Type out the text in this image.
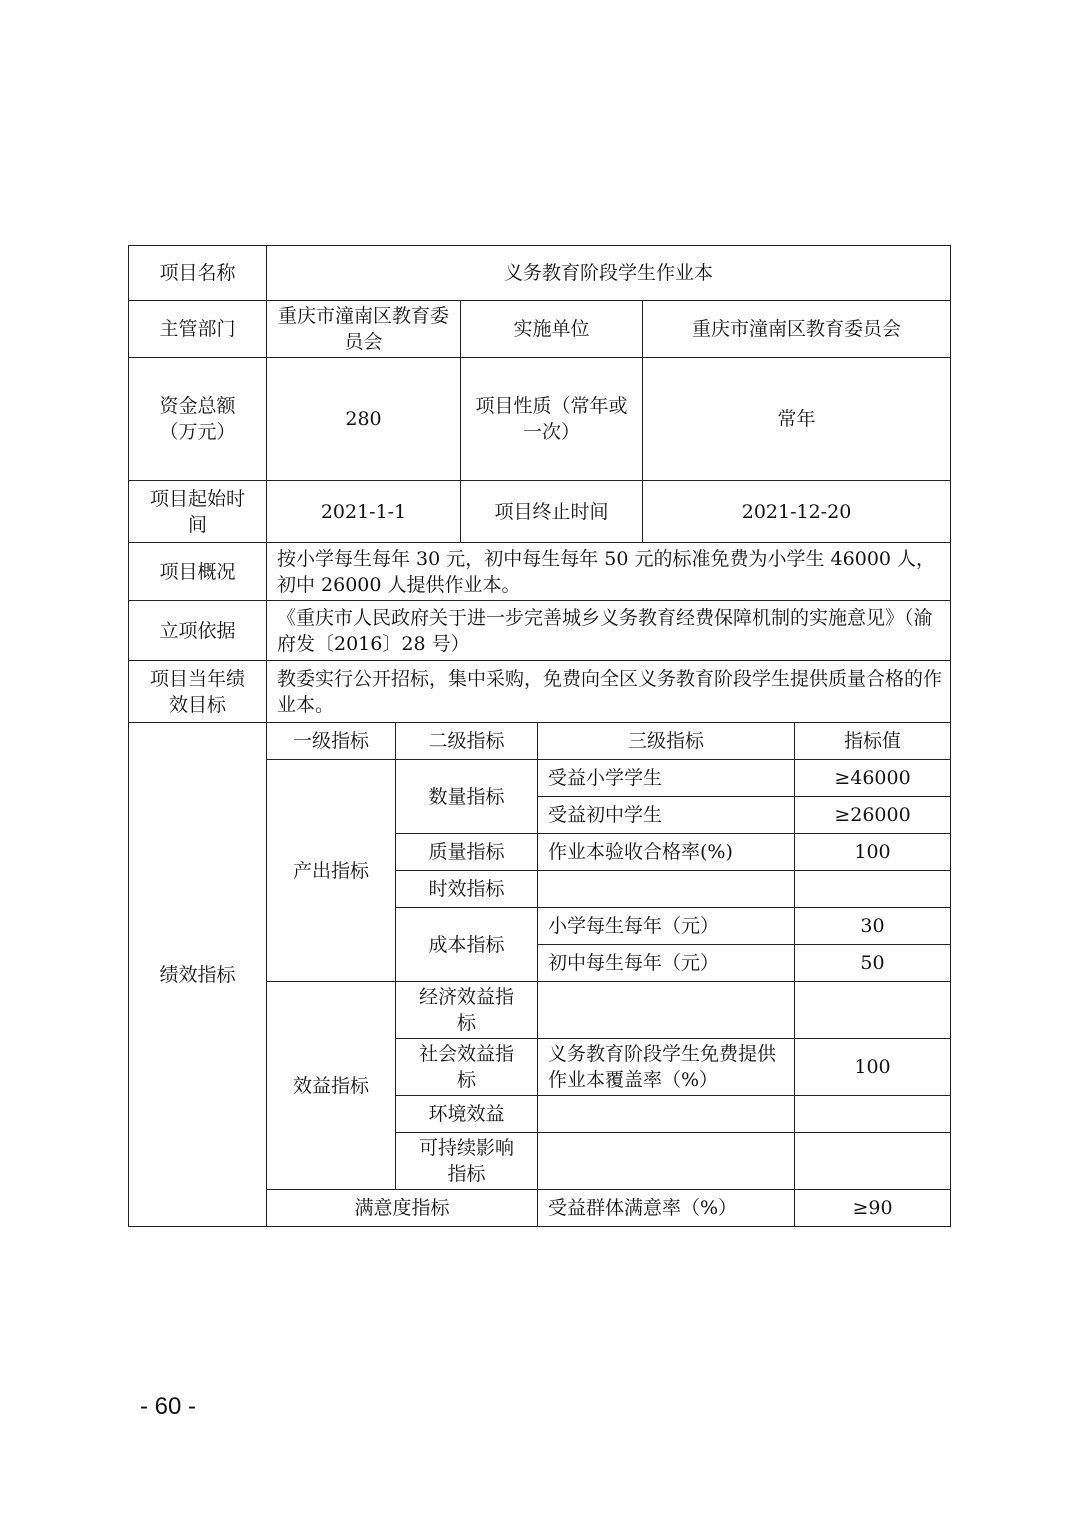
项目名称	义务教育阶段学生作业本					
主管部门	重庆市潼南区教育委员会		实施单位		重庆市潼南区教育委员会	
资金总额（万元）	280		项目性质（常年或一次）		常年	
项目起始时间	2021-1-1		项目终止时间		2021-12-20	
项目概况	按小学每生每年 30 元，初中每生每年 50 元的标准免费为小学生 46000 人，初中 26000 人提供作业本。					
立项依据	《重庆市人民政府关于进一步完善城乡义务教育经费保障机制的实施意见》（渝府发〔2016〕28 号）					
项目当年绩效目标	教委实行公开招标，集中采购，免费向全区义务教育阶段学生提供质量合格的作业本。					
绩效指标	一级指标	二级指标		三级指标		指标值
	产出指标	数量指标		受益小学学生		≥46000
				受益初中学生		≥26000
		质量指标		作业本验收合格率(%)		100
		时效指标				
		成本指标		小学每生每年（元）		30
				初中每生每年（元）		50
	效益指标	经济效益指标				
		社会效益指标		义务教育阶段学生免费提供作业本覆盖率（%）		100
		环境效益				
		可持续影响指标				
	满意度指标			受益群体满意率（%）		≥90
- 60 -
